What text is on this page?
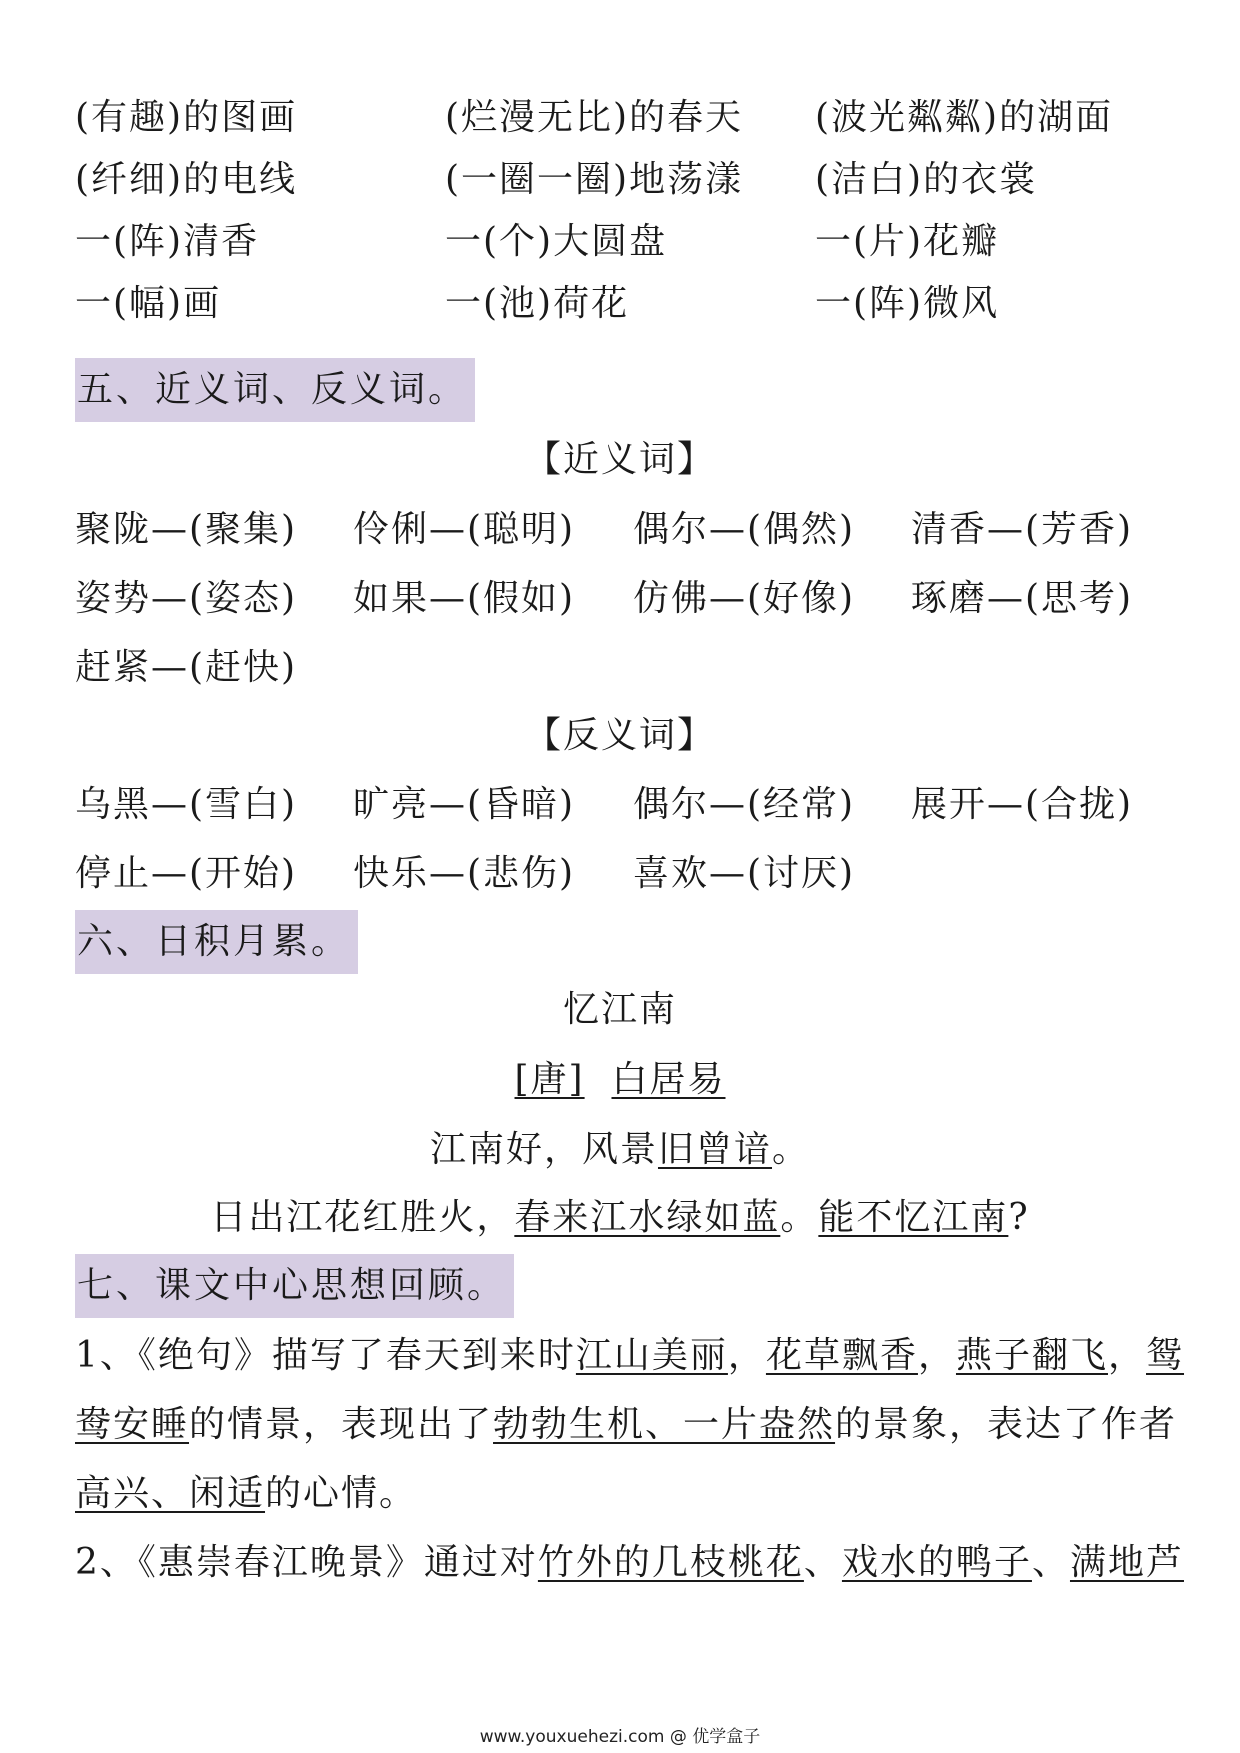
(有趣)的图画	(烂漫无比)的春天 (波光粼粼)的湖面
(纤细)的电线	(一圈一圈)地荡漾 (洁白)的衣裳
一(阵)清香	一(个)大圆盘	一(片)花瓣
一(幅)画	一(池)荷花	一(阵)微风
五、近义词、反义词。
【近义词】
聚陇—(聚集) 伶俐—(聪明) 偶尔—(偶然) 清香—(芳香)
姿势—(姿态) 如果—(假如) 仿佛—(好像) 琢磨—(思考)
赶紧—(赶快)
【反义词】
乌黑—(雪白) 旷亮—(昏暗) 偶尔—(经常) 展开—(合拢)
停止—(开始) 快乐—(悲伤) 喜欢—(讨厌)
六、日积月累。
忆江南
[唐] 白居易
江南好，风景旧曾谙。
日出江花红胜火，春来江水绿如蓝。能不忆江南?
七、课文中心思想回顾。
1、《绝句》描写了春天到来时江山美丽，花草飘香，燕子翻飞，鸳
鸯安睡的情景，表现出了勃勃生机、一片盎然的景象，表达了作者
高兴、闲适的心情。
2、《惠崇春江晚景》通过对竹外的几枝桃花、戏水的鸭子、满地芦
www.youxuehezi.com @ 优学盒子
